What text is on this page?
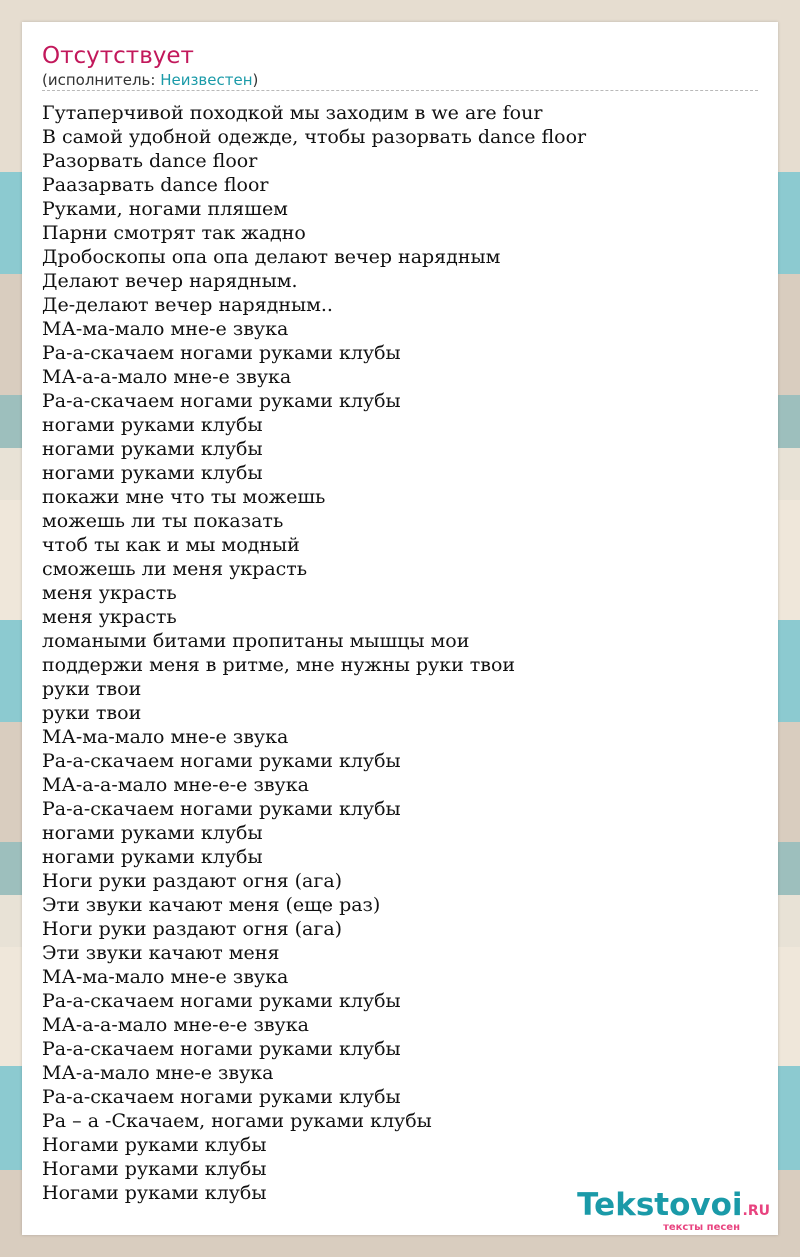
Отсутствует
(исполнитель: Неизвестен)
Гутаперчивой походкой мы заходим в we are four
В самой удобной одежде, чтобы разорвать dance floor
Разорвать dance floor
Раазарвать dance floor
Руками, ногами пляшем
Парни смотрят так жадно
Дробоскопы опа опа делают вечер нарядным
Делают вечер нарядным.
Де-делают вечер нарядным..
МА-ма-мало мне-е звука
Ра-а-скачаем ногами руками клубы
МА-а-а-мало мне-е звука
Ра-а-скачаем ногами руками клубы
ногами руками клубы
ногами руками клубы
ногами руками клубы
покажи мне что ты можешь
можешь ли ты показать
чтоб ты как и мы модный
сможешь ли меня украсть
меня украсть
меня украсть
ломаными битами пропитаны мышцы мои
поддержи меня в ритме, мне нужны руки твои
руки твои
руки твои
МА-ма-мало мне-е звука
Ра-а-скачаем ногами руками клубы
МА-а-а-мало мне-е-е звука
Ра-а-скачаем ногами руками клубы
ногами руками клубы
ногами руками клубы
Ноги руки раздают огня (ага)
Эти звуки качают меня (еще раз)
Ноги руки раздают огня (ага)
Эти звуки качают меня
МА-ма-мало мне-е звука
Ра-а-скачаем ногами руками клубы
МА-а-а-мало мне-е-е звука
Ра-а-скачаем ногами руками клубы
МА-а-мало мне-е звука
Ра-а-скачаем ногами руками клубы
Ра – а -Скачаем, ногами руками клубы
Ногами руками клубы
Ногами руками клубы
Ногами руками клубы	Tekstovoi.RU
тексты песен
